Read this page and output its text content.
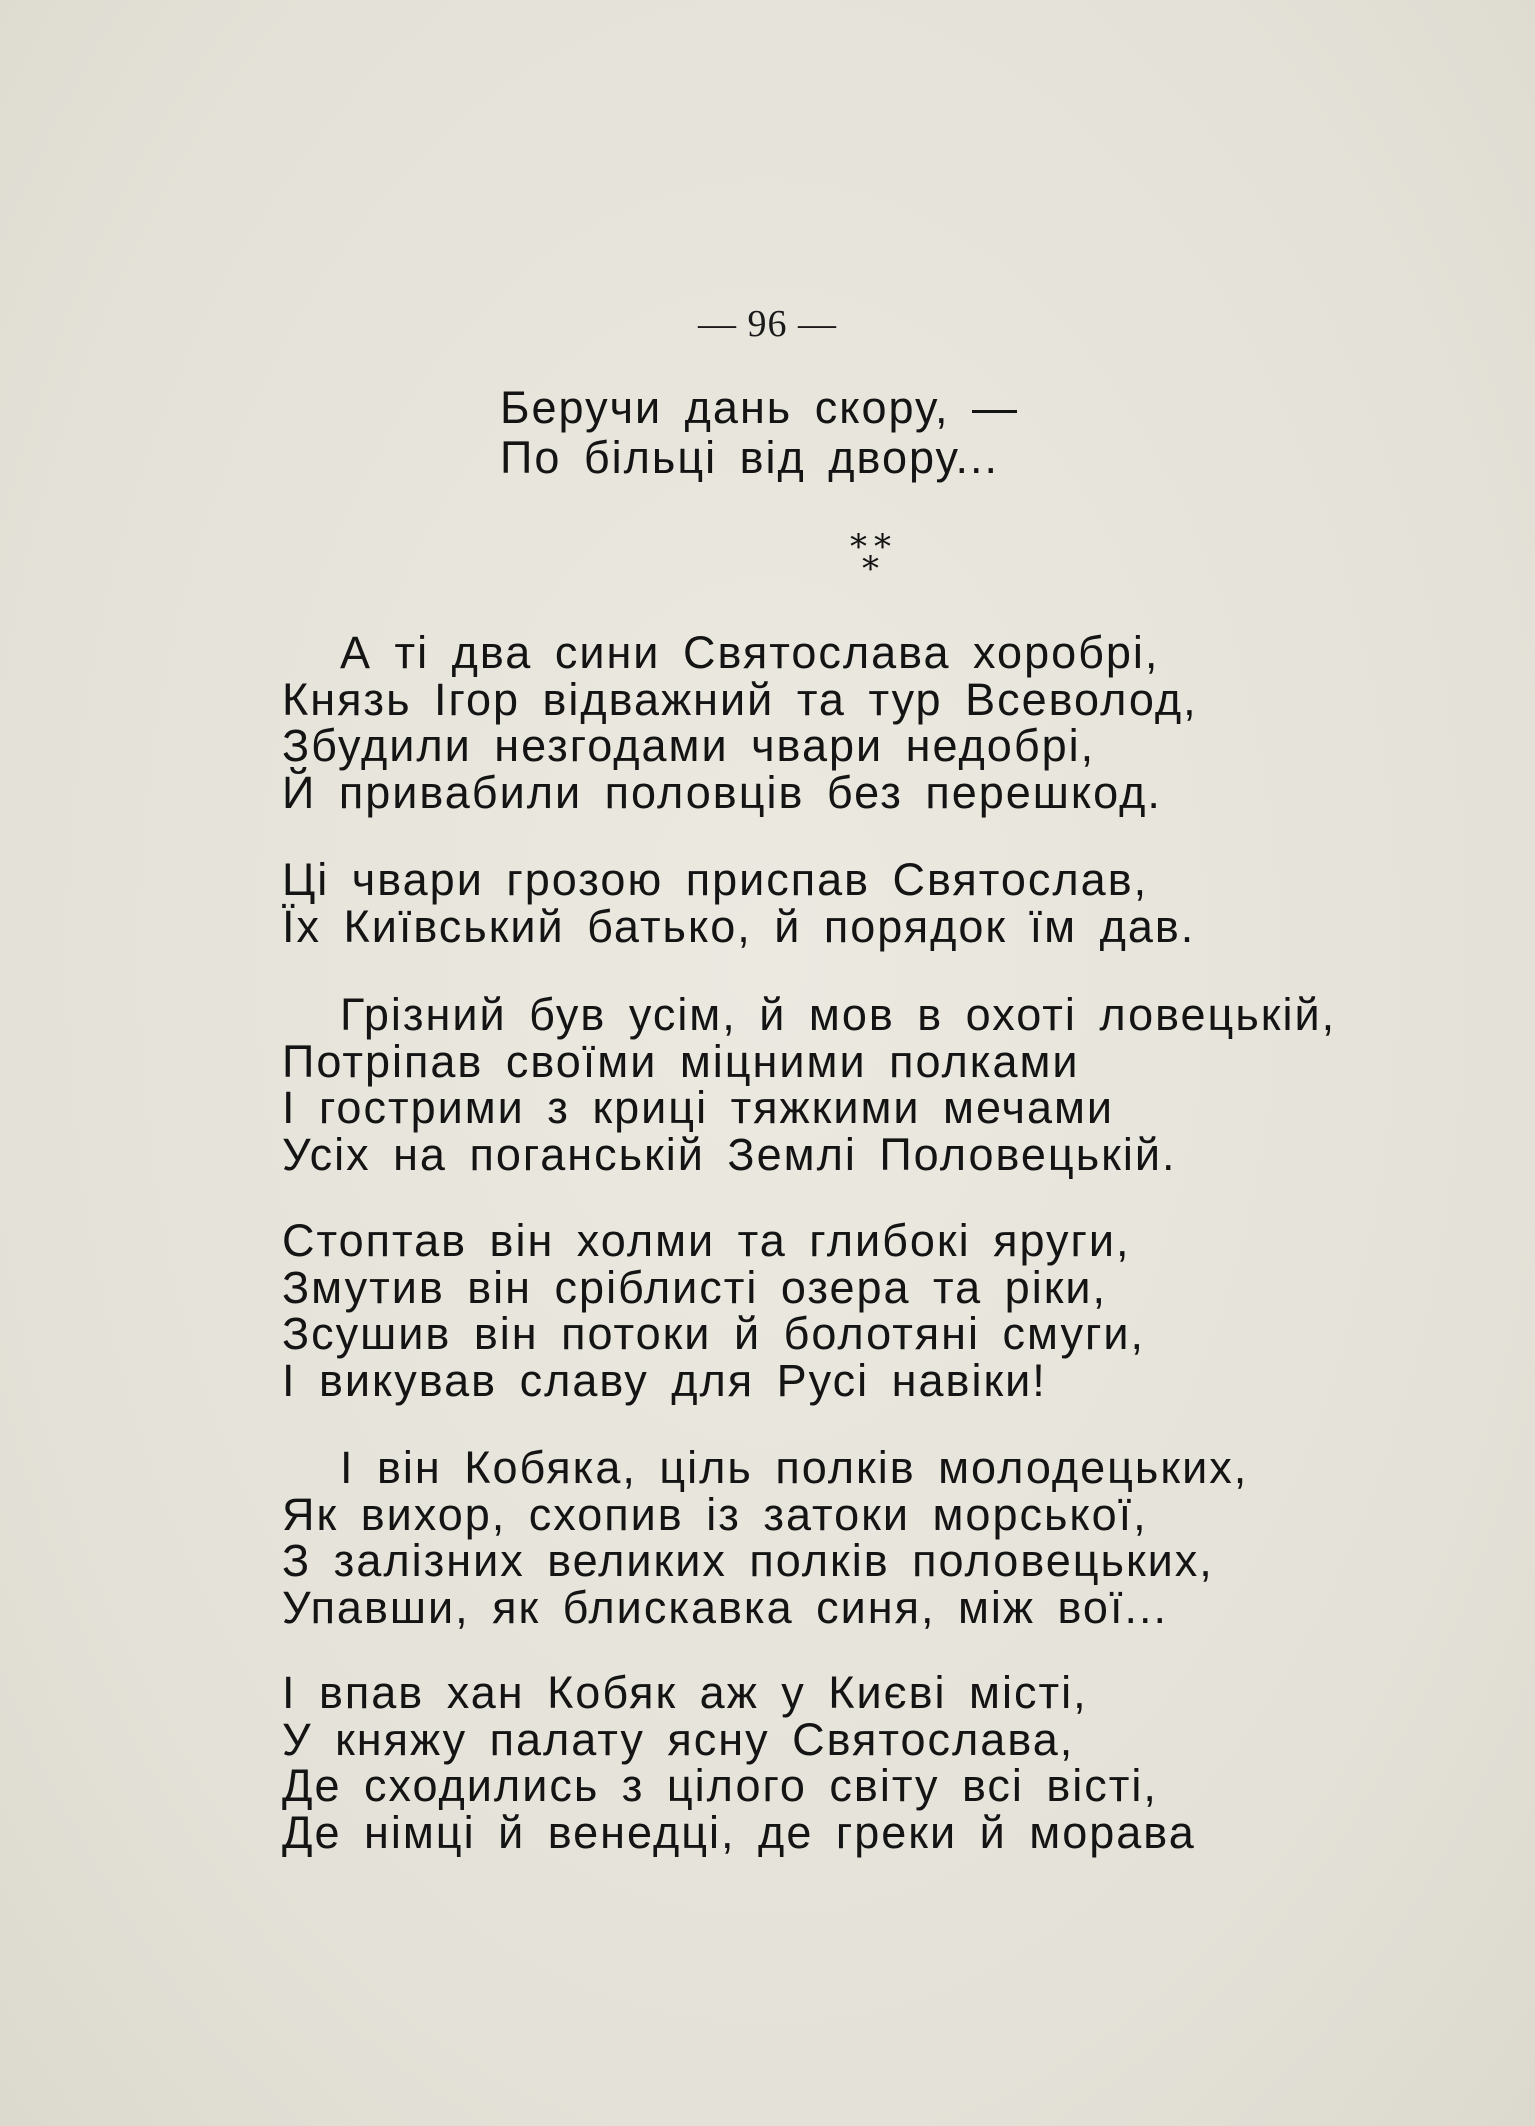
— 96 —
Беручи дань скору, —
По більці від двору...
* *
*
А ті два сини Святослава хоробрі,
Князь Ігор відважний та тур Всеволод,
Збудили незгодами чвари недобрі,
Й привабили половців без перешкод.
Ці чвари грозою приспав Святослав,
Їх Київський батько, й порядок їм дав.
Грізний був усім, й мов в охоті ловецькій,
Потріпав своїми міцними полками
І гострими з криці тяжкими мечами
Усіх на поганській Землі Половецькій.
Стоптав він холми та глибокі яруги,
Змутив він сріблисті озера та ріки,
Зсушив він потоки й болотяні смуги,
І викував славу для Русі навіки!
І він Кобяка, ціль полків молодецьких,
Як вихор, схопив із затоки морської,
З залізних великих полків половецьких,
Упавши, як блискавка синя, між вої...
І впав хан Кобяк аж у Києві місті,
У княжу палату ясну Святослава,
Де сходились з цілого світу всі вісті,
Де німці й венедці, де греки й морава
